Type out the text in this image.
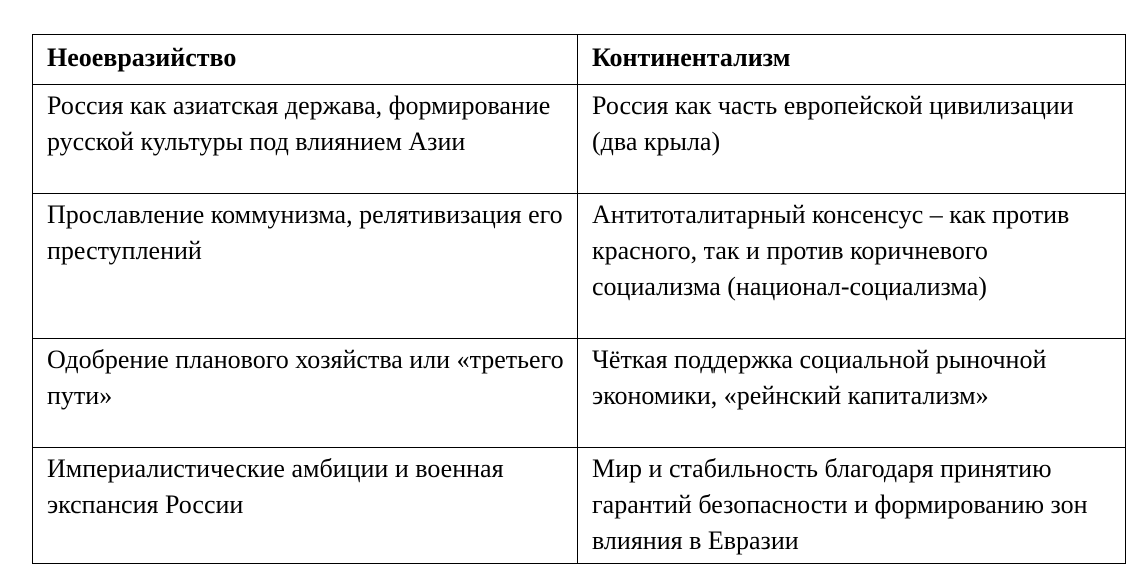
Неоевразийство	Континентализм

Россия как азиатская держава, формирование русской культуры под влиянием Азии	Россия как часть европейской цивилизации (два крыла)

Прославление коммунизма, релятивизация его преступлений	Антитоталитарный консенсус – как против красного, так и против коричневого социализма (национал-социализма)

Одобрение планового хозяйства или «третьего пути»	Чёткая поддержка социальной рыночной экономики, «рейнский капитализм»

Империалистические амбиции и военная экспансия России	Мир и стабильность благодаря принятию гарантий безопасности и формированию зон влияния в Евразии
